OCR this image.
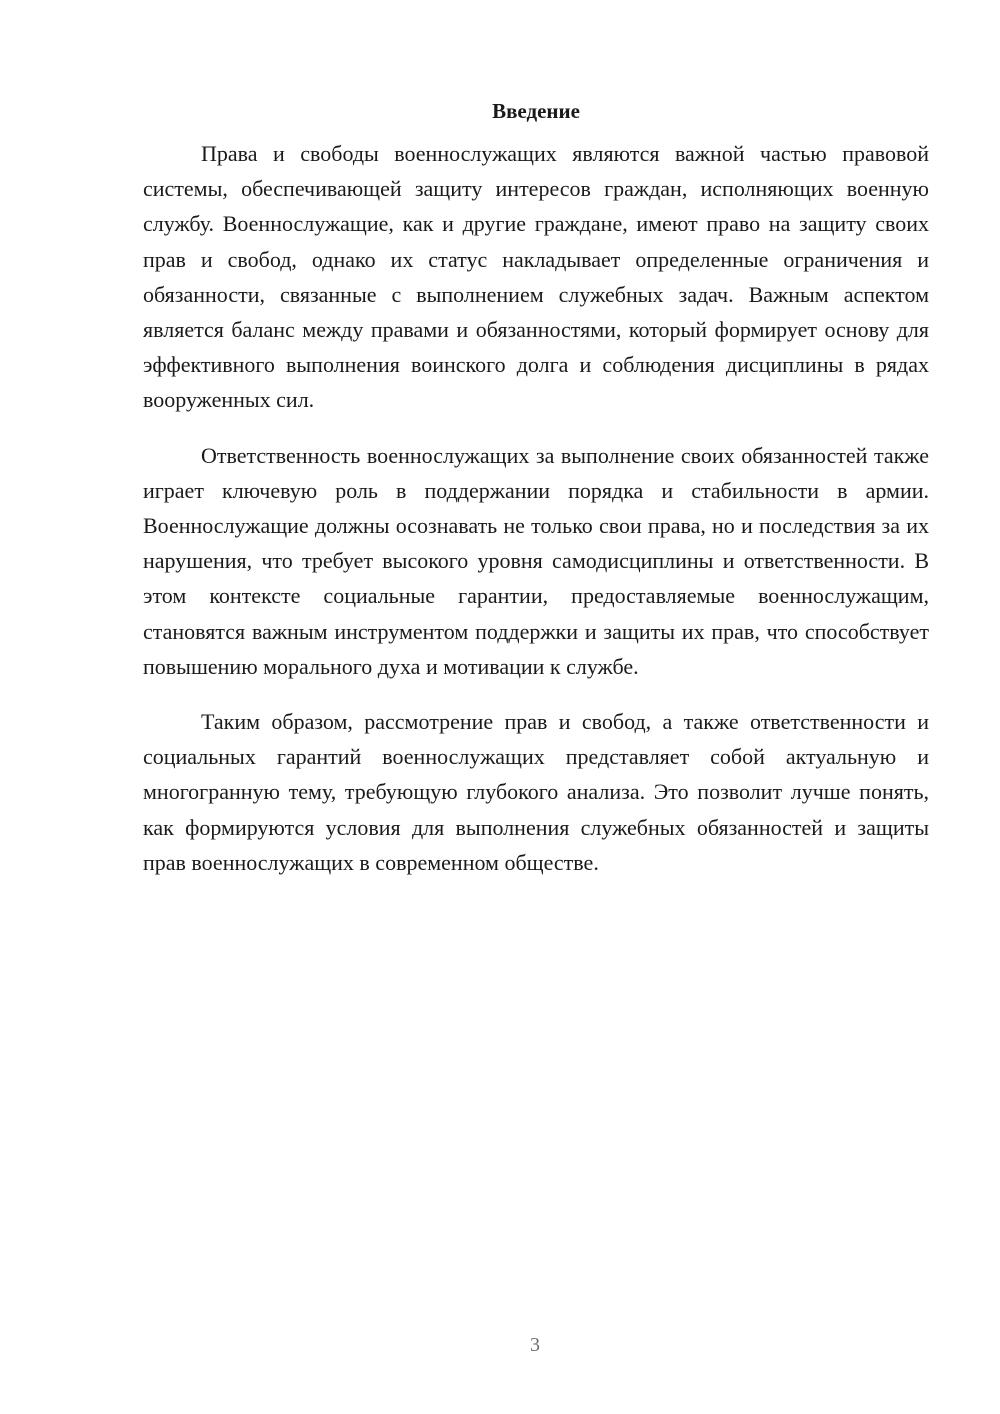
Введение

Права и свободы военнослужащих являются важной частью правовой системы, обеспечивающей защиту интересов граждан, исполняющих военную службу. Военнослужащие, как и другие граждане, имеют право на защиту своих прав и свобод, однако их статус накладывает определенные ограничения и обязанности, связанные с выполнением служебных задач. Важным аспектом является баланс между правами и обязанностями, который формирует основу для эффективного выполнения воинского долга и соблюдения дисциплины в рядах вооруженных сил.

Ответственность военнослужащих за выполнение своих обязанностей также играет ключевую роль в поддержании порядка и стабильности в армии. Военнослужащие должны осознавать не только свои права, но и последствия за их нарушения, что требует высокого уровня самодисциплины и ответственности. В этом контексте социальные гарантии, предоставляемые военнослужащим, становятся важным инструментом поддержки и защиты их прав, что способствует повышению морального духа и мотивации к службе.

Таким образом, рассмотрение прав и свобод, а также ответственности и социальных гарантий военнослужащих представляет собой актуальную и многогранную тему, требующую глубокого анализа. Это позволит лучше понять, как формируются условия для выполнения служебных обязанностей и защиты прав военнослужащих в современном обществе.

3
